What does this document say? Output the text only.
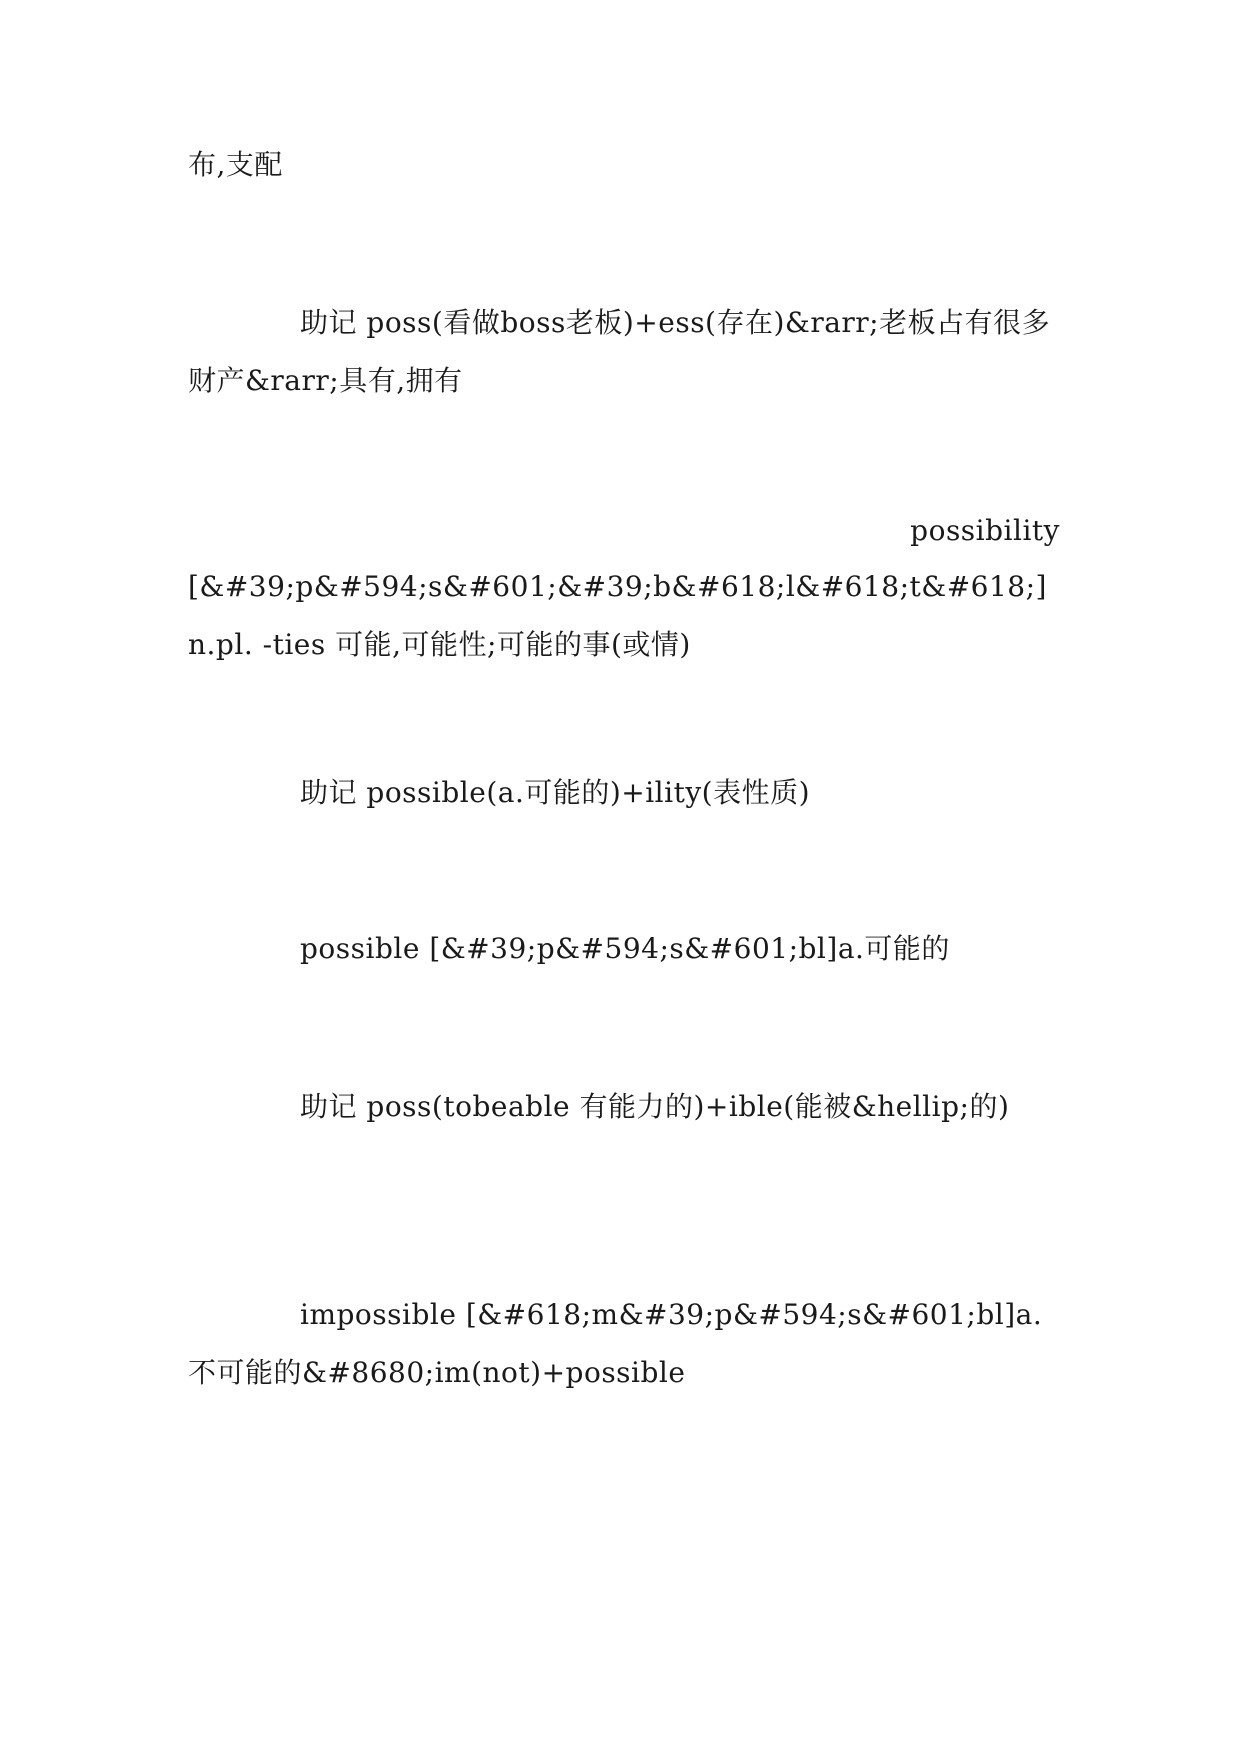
布,支配
助记 poss(看做boss老板)+ess(存在)&rarr;老板占有很多财产&rarr;具有,拥有
possibility
[&#39;p&#594;s&#601;&#39;b&#618;l&#618;t&#618;]n.pl. -ties 可能,可能性;可能的事(或情)
助记 possible(a.可能的)+ility(表性质)
possible [&#39;p&#594;s&#601;bl]a.可能的
助记 poss(tobeable 有能力的)+ible(能被&hellip;的)
impossible [&#618;m&#39;p&#594;s&#601;bl]a.不可能的&#8680;im(not)+possible
